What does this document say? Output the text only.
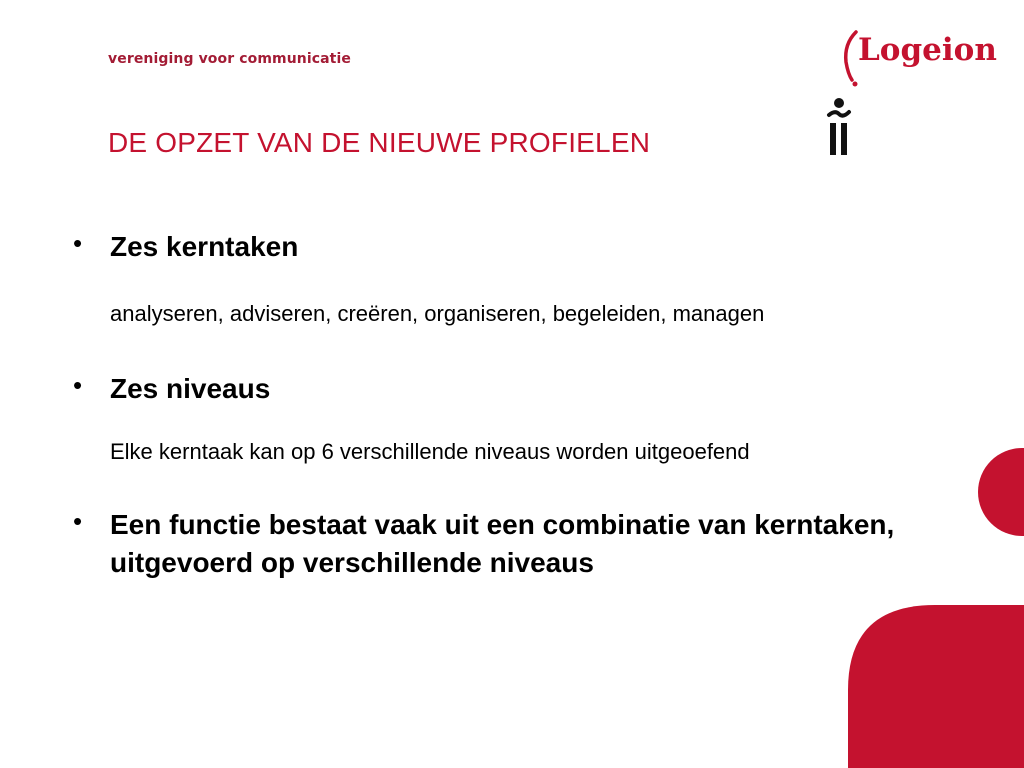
vereniging voor communicatie	Logeion
DE OPZET VAN DE NIEUWE PROFIELEN
• Zes kerntaken
analyseren, adviseren, creëren, organiseren, begeleiden, managen
• Zes niveaus
Elke kerntaak kan op 6 verschillende niveaus worden uitgeoefend
• Een functie bestaat vaak uit een combinatie van kerntaken, uitgevoerd op verschillende niveaus
